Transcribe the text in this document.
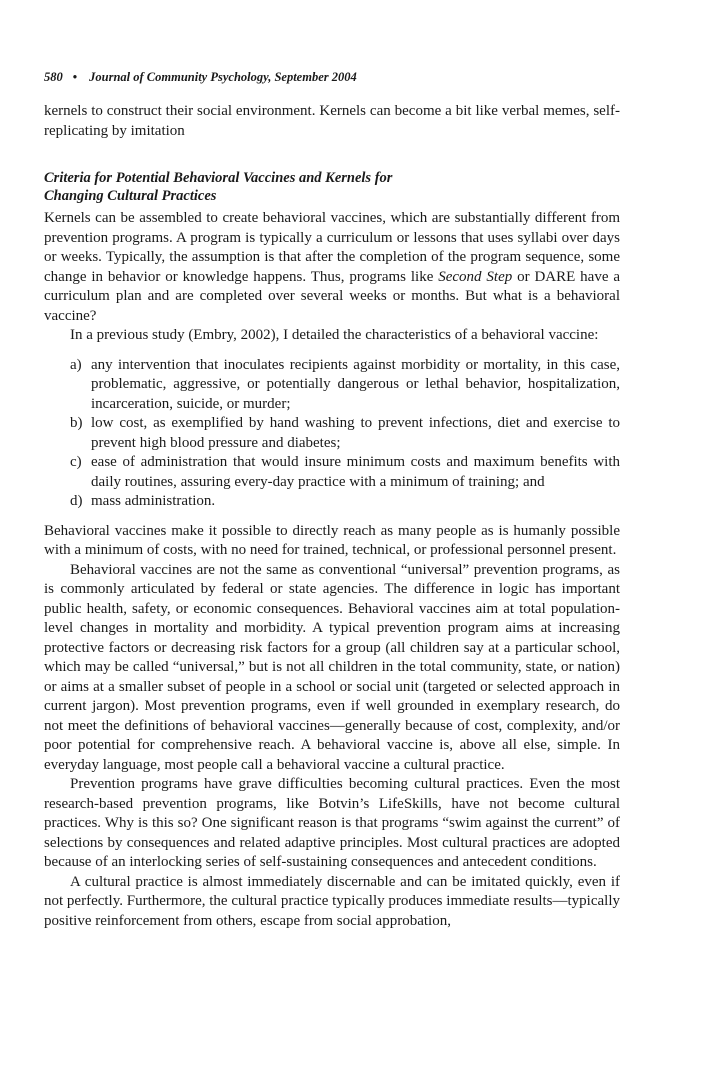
580 • Journal of Community Psychology, September 2004

kernels to construct their social environment. Kernels can become a bit like verbal memes, self-replicating by imitation

Criteria for Potential Behavioral Vaccines and Kernels for
Changing Cultural Practices

Kernels can be assembled to create behavioral vaccines, which are substantially different from prevention programs. A program is typically a curriculum or lessons that uses syllabi over days or weeks. Typically, the assumption is that after the completion of the program sequence, some change in behavior or knowledge happens. Thus, programs like Second Step or DARE have a curriculum plan and are completed over several weeks or months. But what is a behavioral vaccine?

In a previous study (Embry, 2002), I detailed the characteristics of a behavioral vaccine:

a) any intervention that inoculates recipients against morbidity or mortality, in this case, problematic, aggressive, or potentially dangerous or lethal behavior, hospitalization, incarceration, suicide, or murder;
b) low cost, as exemplified by hand washing to prevent infections, diet and exercise to prevent high blood pressure and diabetes;
c) ease of administration that would insure minimum costs and maximum benefits with daily routines, assuring every-day practice with a minimum of training; and
d) mass administration.

Behavioral vaccines make it possible to directly reach as many people as is humanly possible with a minimum of costs, with no need for trained, technical, or professional personnel present.

Behavioral vaccines are not the same as conventional “universal” prevention programs, as is commonly articulated by federal or state agencies. The difference in logic has important public health, safety, or economic consequences. Behavioral vaccines aim at total population-level changes in mortality and morbidity. A typical prevention program aims at increasing protective factors or decreasing risk factors for a group (all children say at a particular school, which may be called “universal,” but is not all children in the total community, state, or nation) or aims at a smaller subset of people in a school or social unit (targeted or selected approach in current jargon). Most prevention programs, even if well grounded in exemplary research, do not meet the definitions of behavioral vaccines—generally because of cost, complexity, and/or poor potential for comprehensive reach. A behavioral vaccine is, above all else, simple. In everyday language, most people call a behavioral vaccine a cultural practice.

Prevention programs have grave difficulties becoming cultural practices. Even the most research-based prevention programs, like Botvin’s LifeSkills, have not become cultural practices. Why is this so? One significant reason is that programs “swim against the current” of selections by consequences and related adaptive principles. Most cultural practices are adopted because of an interlocking series of self-sustaining consequences and antecedent conditions.

A cultural practice is almost immediately discernable and can be imitated quickly, even if not perfectly. Furthermore, the cultural practice typically produces immediate results—typically positive reinforcement from others, escape from social approbation,
